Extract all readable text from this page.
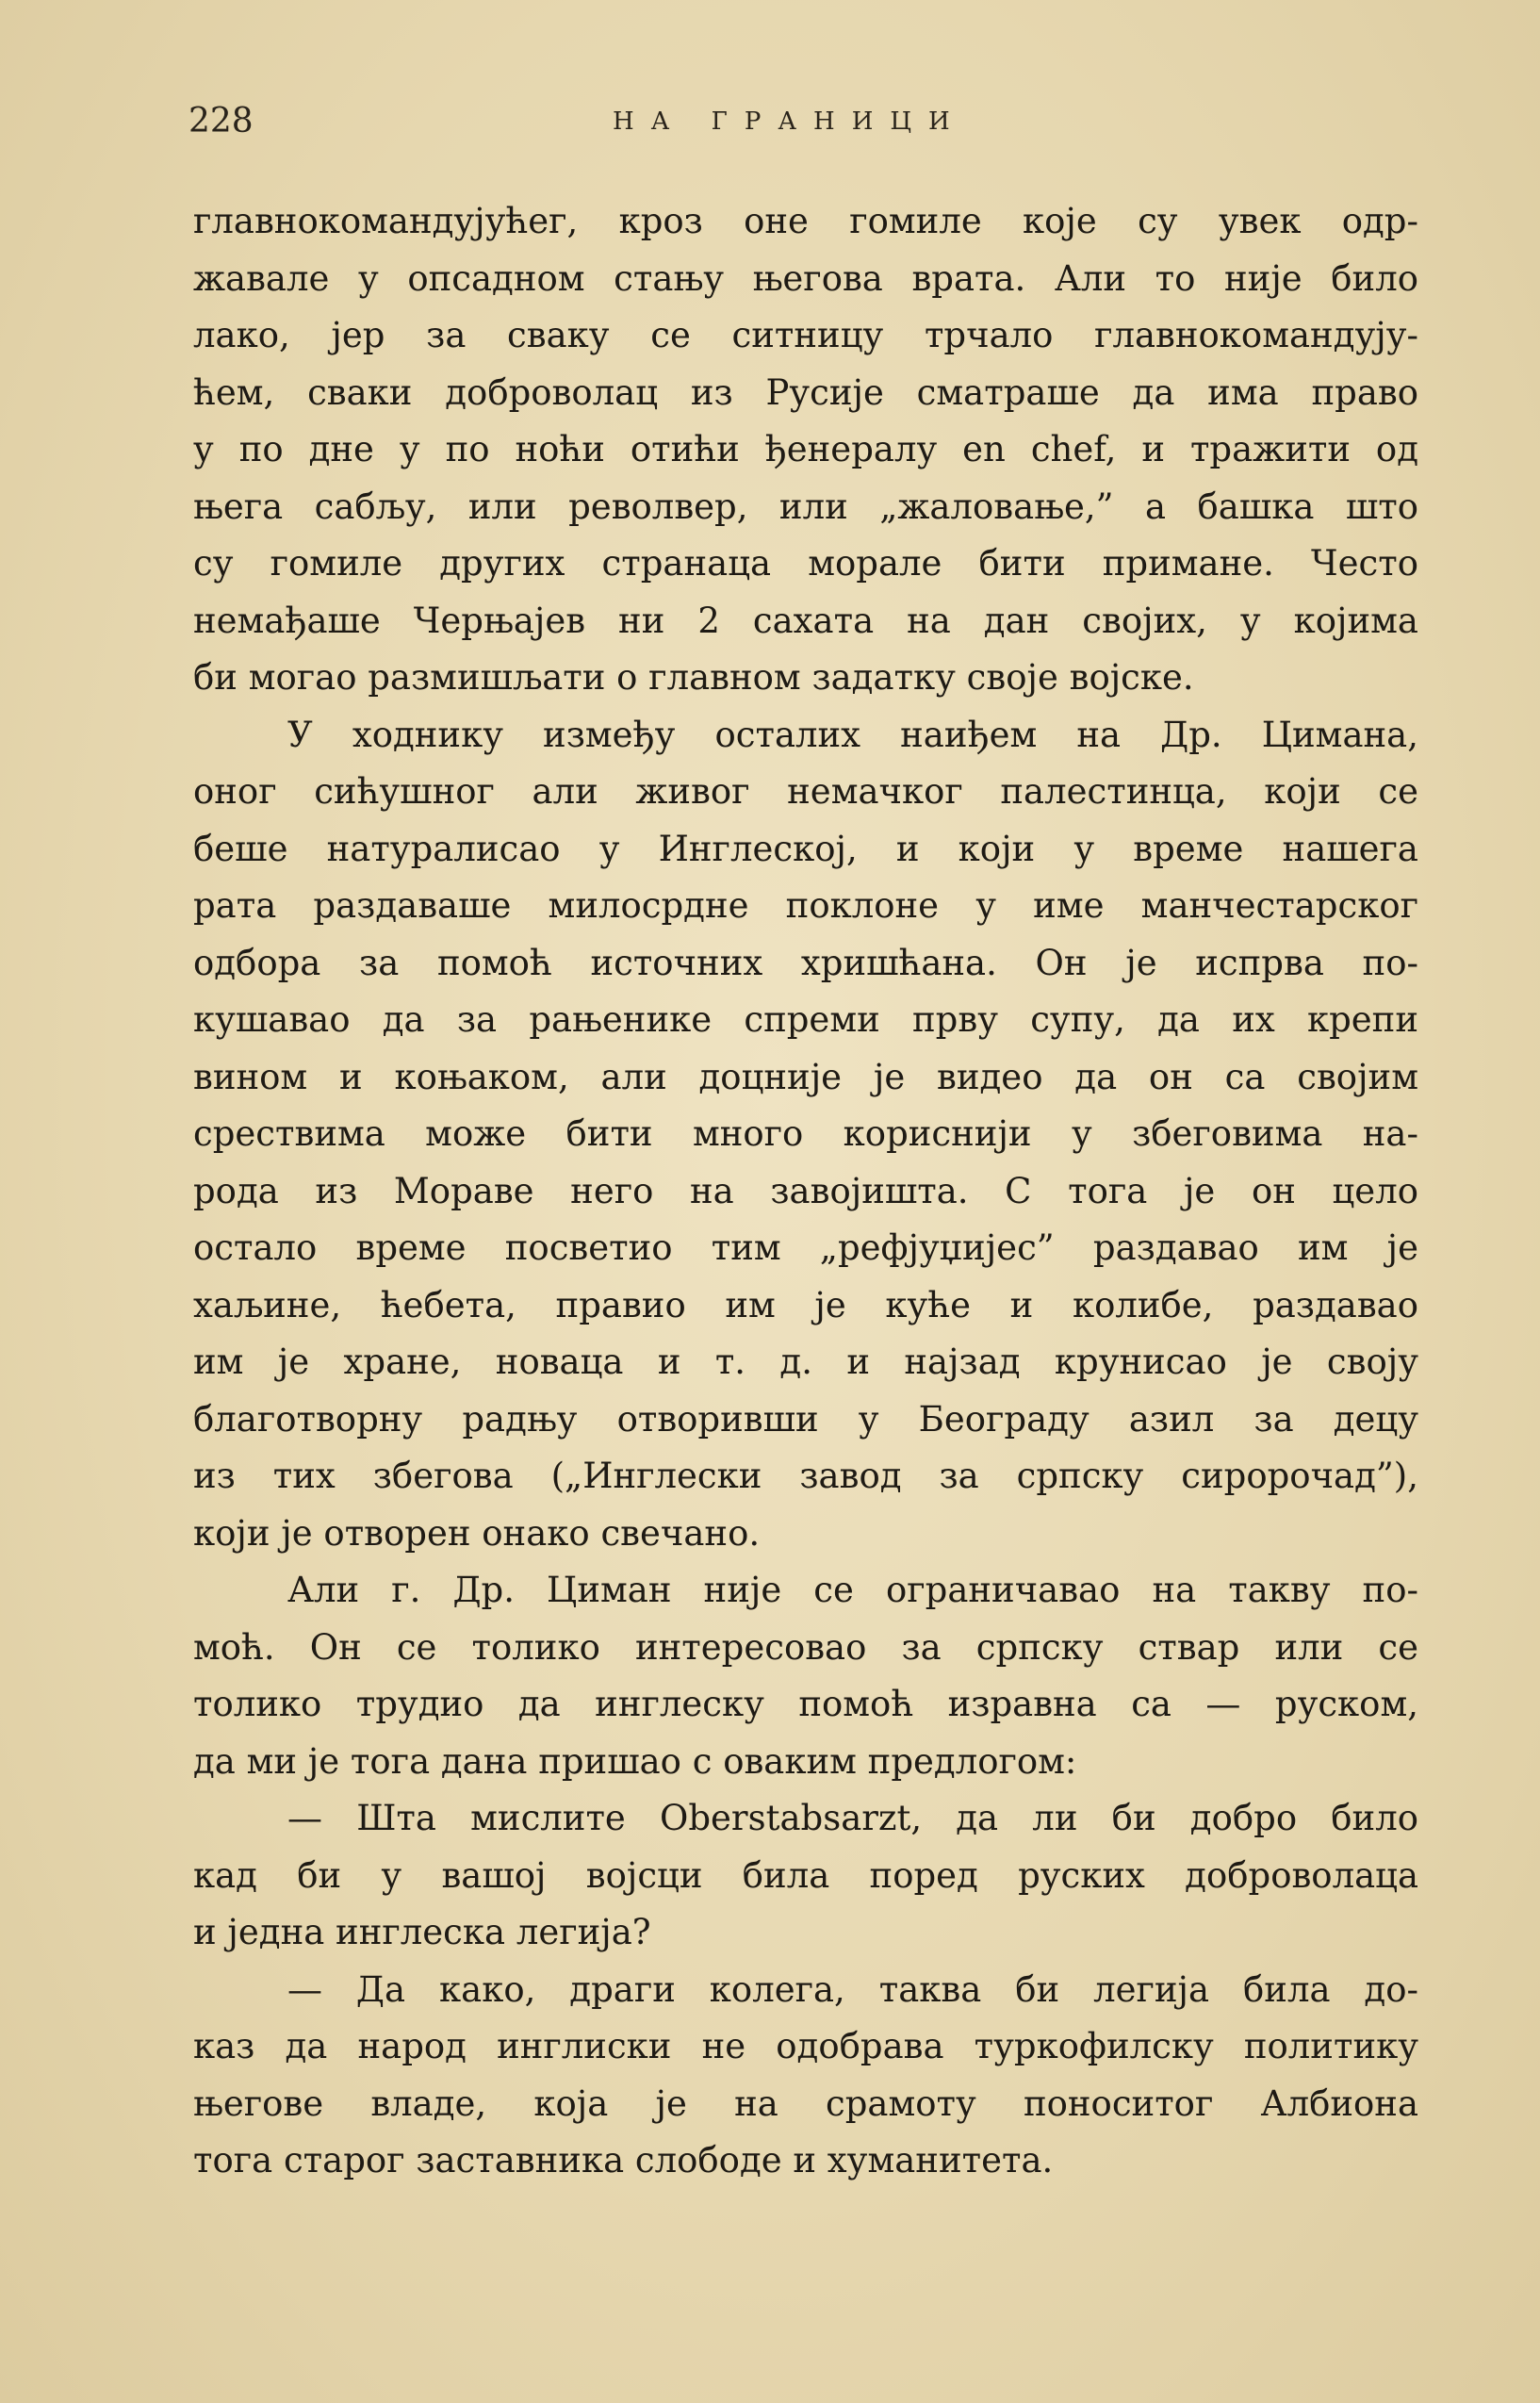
228	НА ГРАНИЦИ
главнокомандујућег, кроз оне гомиле које су увек одр-
жавале у опсадном стању његова врата. Али то није било
лако, јер за сваку се ситницу трчало главнокомандују-
ћем, сваки доброволац из Русије сматраше да има право
у по дне у по ноћи отићи ђенералу en chef, и тражити од
њега сабљу, или револвер, или „жаловање,” а башка што
су гомиле других странаца морале бити примане. Често
немађаше Черњајев ни 2 сахата на дан својих, у којима
би могао размишљати о главном задатку своје војске.
У ходнику између осталих наиђем на Др. Цимана,
оног сићушног али живог немачког палестинца, који се
беше натуралисао у Инглеској, и који у време нашега
рата раздаваше милосрдне поклоне у име манчестарског
одбора за помоћ источних хришћана. Он је испрва по-
кушавао да за рањенике спреми прву супу, да их крепи
вином и коњаком, али доцније је видео да он са својим
срествима може бити много кориснији у збеговима на-
рода из Мораве него на завојишта. С тога је он цело
остало време посветио тим „рефјуџијес” раздавао им је
хаљине, ћебета, правио им је куће и колибе, раздавао
им је хране, новаца и т. д. и најзад крунисао је своју
благотворну радњу отворивши у Београду азил за децу
из тих збегова („Инглески завод за српску сиророчад”),
који је отворен онако свечано.
Али г. Др. Циман није се ограничавао на такву по-
моћ. Он се толико интересовао за српску ствар или се
толико трудио да инглеску помоћ изравна са — руском,
да ми је тога дана пришао с оваким предлогом:
— Шта мислите Oberstabsarzt, да ли би добро било
кад би у вашој војсци била поред руских доброволаца
и једна инглеска легија?
— Да како, драги колега, таква би легија била до-
каз да народ инглиски не одобрава туркофилску политику
његове владе, која је на срамоту поноситог Албиона
тога старог заставника слободе и хуманитета.
